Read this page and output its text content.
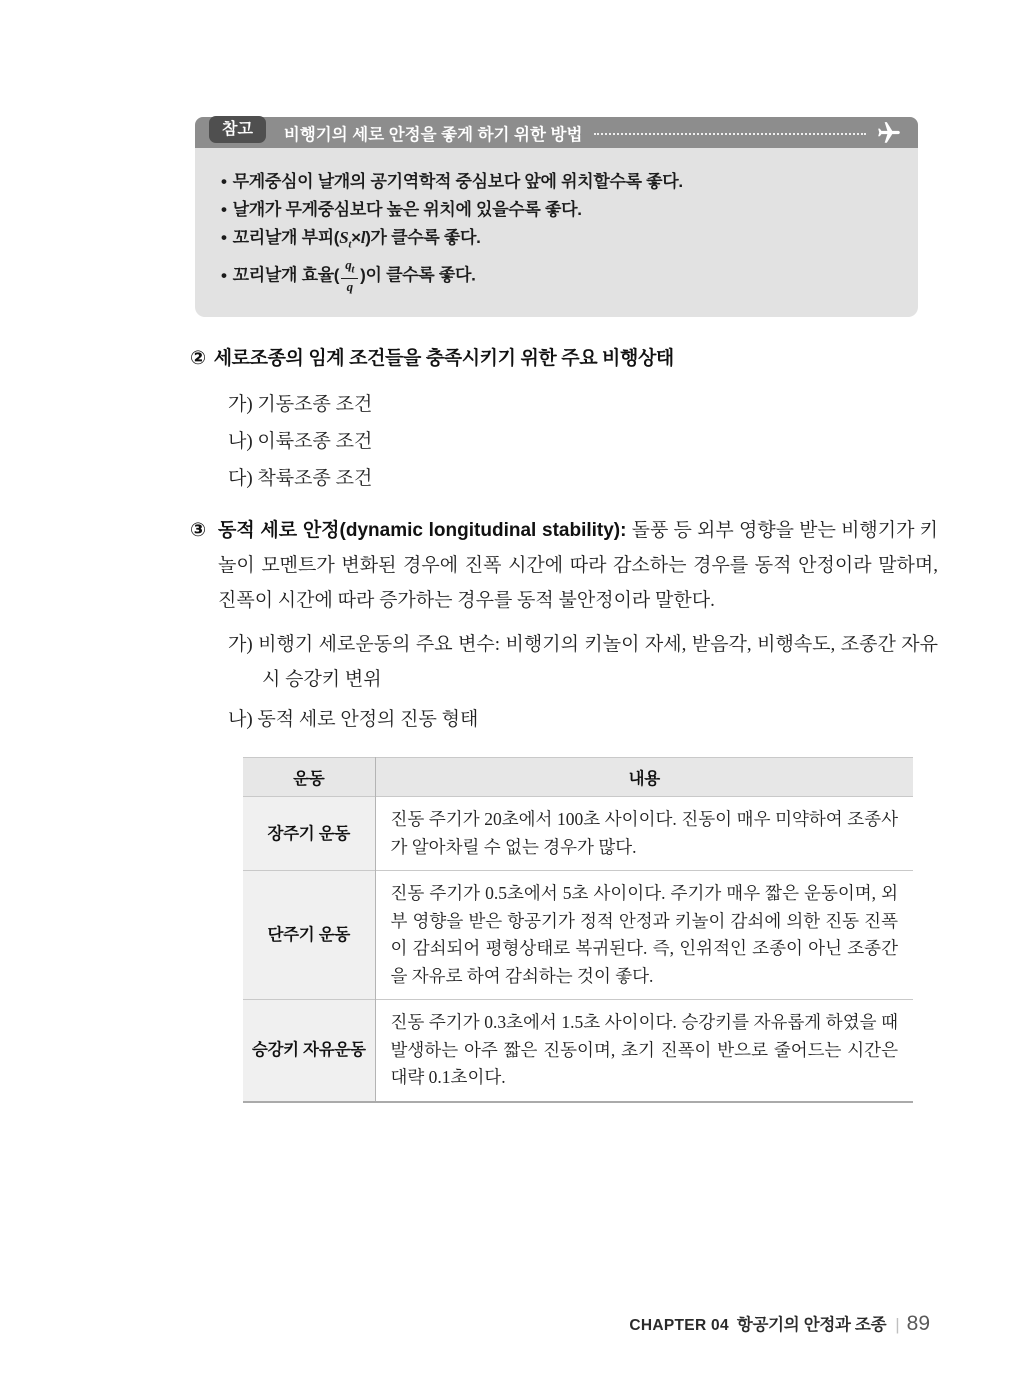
참고	비행기의 세로 안정을 좋게 하기 위한 방법
• 무게중심이 날개의 공기역학적 중심보다 앞에 위치할수록 좋다.
• 날개가 무게중심보다 높은 위치에 있을수록 좋다.
• 꼬리날개 부피$(S_t\times l)$가 클수록 좋다.
• 꼬리날개 효율( $\frac{q_t}{q}$ )이 클수록 좋다.
② 세로조종의 임계 조건들을 충족시키기 위한 주요 비행상태
가) 기동조종 조건
나) 이륙조종 조건
다) 착륙조종 조건
③ 동적 세로 안정(dynamic longitudinal stability): 돌풍 등 외부 영향을 받는 비행기가 키놀이 모멘트가 변화된 경우에 진폭 시간에 따라 감소하는 경우를 동적 안정이라 말하며, 진폭이 시간에 따라 증가하는 경우를 동적 불안정이라 말한다.
가) 비행기 세로운동의 주요 변수: 비행기의 키놀이 자세, 받음각, 비행속도, 조종간 자유 시 승강키 변위
나) 동적 세로 안정의 진동 형태
운동	내용
장주기 운동	진동 주기가 20초에서 100초 사이이다. 진동이 매우 미약하여 조종사가 알아차릴 수 없는 경우가 많다.
단주기 운동	진동 주기가 0.5초에서 5초 사이이다. 주기가 매우 짧은 운동이며, 외부 영향을 받은 항공기가 정적 안정과 키놀이 감쇠에 의한 진동 진폭이 감쇠되어 평형상태로 복귀된다. 즉, 인위적인 조종이 아닌 조종간을 자유로 하여 감쇠하는 것이 좋다.
승강키 자유운동	진동 주기가 0.3초에서 1.5초 사이이다. 승강키를 자유롭게 하였을 때 발생하는 아주 짧은 진동이며, 초기 진폭이 반으로 줄어드는 시간은 대략 0.1초이다.
CHAPTER 04 항공기의 안정과 조종 | 89
